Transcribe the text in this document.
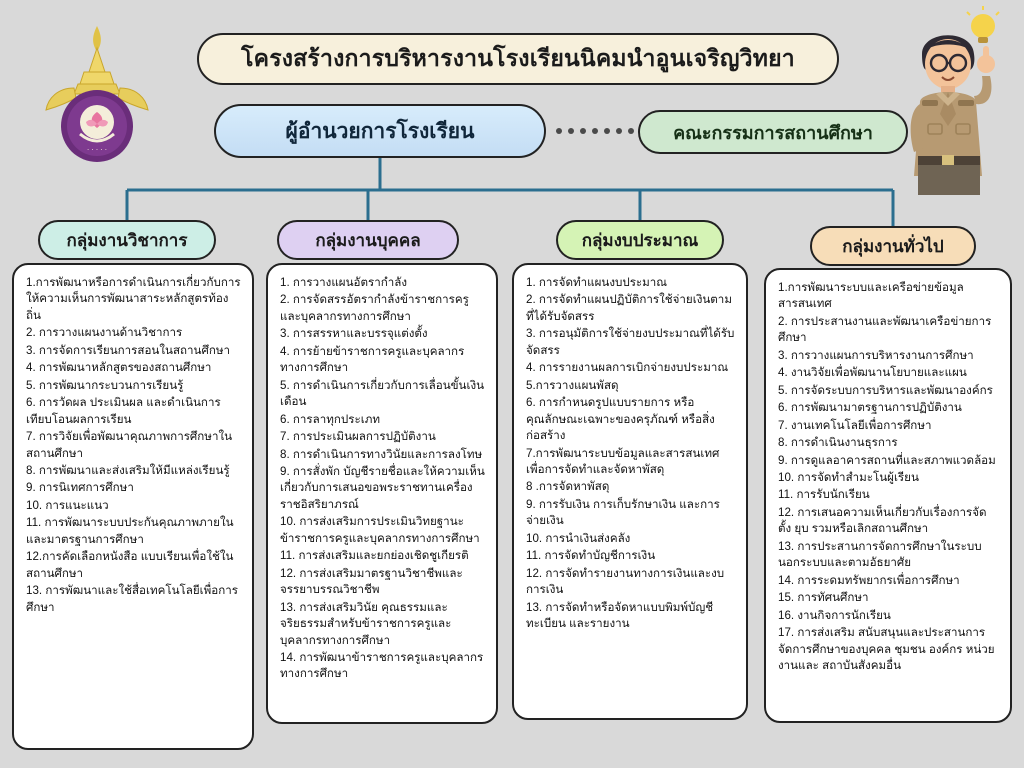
. . . . .
โครงสร้างการบริหารงานโรงเรียนนิคมนำอูนเจริญวิทยา
ผู้อำนวยการโรงเรียน	คณะกรรมการสถานศึกษา
กลุ่มงานวิชาการ

1.การพัฒนาหรือการดำเนินการเกี่ยวกับการให้ความเห็นการพัฒนาสาระหลักสูตรท้องถิ่น

2. การวางแผนงานด้านวิชาการ

3. การจัดการเรียนการสอนในสถานศึกษา

4. การพัฒนาหลักสูตรของสถานศึกษา

5. การพัฒนากระบวนการเรียนรู้

6. การวัดผล ประเมินผล และดำเนินการเทียบโอนผลการเรียน

7. การวิจัยเพื่อพัฒนาคุณภาพการศึกษาในสถานศึกษา

8. การพัฒนาและส่งเสริมให้มีแหล่งเรียนรู้

9. การนิเทศการศึกษา

10. การแนะแนว

11. การพัฒนาระบบประกันคุณภาพภายในและมาตรฐานการศึกษา

12.การคัดเลือกหนังสือ แบบเรียนเพื่อใช้ในสถานศึกษา

13. การพัฒนาและใช้สื่อเทคโนโลยีเพื่อการศึกษา

กลุ่มงานบุคคล

1. การวางแผนอัตรากำลัง

2. การจัดสรรอัตรากำลังข้าราชการครูและบุคลากรทางการศึกษา

3. การสรรหาและบรรจุแต่งตั้ง

4. การย้ายข้าราชการครูและบุคลากรทางการศึกษา

5. การดำเนินการเกี่ยวกับการเลื่อนขั้นเงินเดือน

6. การลาทุกประเภท

7. การประเมินผลการปฏิบัติงาน

8. การดำเนินการทางวินัยและการลงโทษ

9. การสั่งพัก บัญชีรายชื่อและให้ความเห็นเกี่ยวกับการเสนอขอพระราชทานเครื่องราชอิสริยาภรณ์

10. การส่งเสริมการประเมินวิทยฐานะข้าราชการครูและบุคลากรทางการศึกษา

11. การส่งเสริมและยกย่องเชิดชูเกียรติ

12. การส่งเสริมมาตรฐานวิชาชีพและจรรยาบรรณวิชาชีพ

13. การส่งเสริมวินัย คุณธรรมและจริยธรรมสำหรับข้าราชการครูและบุคลากรทางการศึกษา

14. การพัฒนาข้าราชการครูและบุคลากรทางการศึกษา

กลุ่มงบประมาณ

1. การจัดทำแผนงบประมาณ

2. การจัดทำแผนปฏิบัติการใช้จ่ายเงินตามที่ได้รับจัดสรร

3. การอนุมัติการใช้จ่ายงบประมาณที่ได้รับจัดสรร

4. การรายงานผลการเบิกจ่ายงบประมาณ

5.การวางแผนพัสดุ

6. การกำหนดรูปแบบรายการ หรือคุณลักษณะเฉพาะของครุภัณฑ์ หรือสิ่งก่อสร้าง

7.การพัฒนาระบบข้อมูลและสารสนเทศเพื่อการจัดทำและจัดหาพัสดุ

8 .การจัดหาพัสดุ

9. การรับเงิน การเก็บรักษาเงิน และการจ่ายเงิน

10. การนำเงินส่งคลัง

11. การจัดทำบัญชีการเงิน

12. การจัดทำรายงานทางการเงินและงบการเงิน

13. การจัดทำหรือจัดหาแบบพิมพ์บัญชีทะเบียน และรายงาน

กลุ่มงานทั่วไป

1.การพัฒนาระบบและเครือข่ายข้อมูลสารสนเทศ

2. การประสานงานและพัฒนาเครือข่ายการศึกษา

3. การวางแผนการบริหารงานการศึกษา

4. งานวิจัยเพื่อพัฒนานโยบายและแผน

5. การจัดระบบการบริหารและพัฒนาองค์กร

6. การพัฒนามาตรฐานการปฏิบัติงาน

7. งานเทคโนโลยีเพื่อการศึกษา

8. การดำเนินงานธุรการ

9. การดูแลอาคารสถานที่และสภาพแวดล้อม

10. การจัดทำสำมะโนผู้เรียน

11. การรับนักเรียน

12. การเสนอความเห็นเกี่ยวกับเรื่องการจัดตั้ง ยุบ รวมหรือเลิกสถานศึกษา

13. การประสานการจัดการศึกษาในระบบนอกระบบและตามอัธยาศัย

14. การระดมทรัพยากรเพื่อการศึกษา

15. การทัศนศึกษา

16. งานกิจการนักเรียน

17. การส่งเสริม สนับสนุนและประสานการจัดการศึกษาของบุคคล ชุมชน องค์กร หน่วยงานและ สถาบันสังคมอื่น
